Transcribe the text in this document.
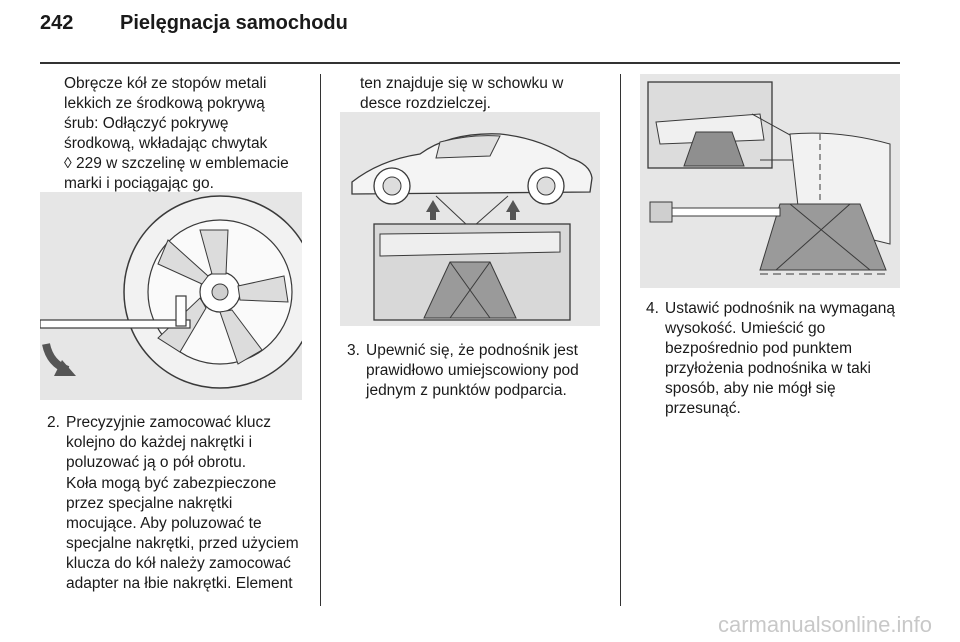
242 Pielęgnacja samochodu

Obręcze kół ze stopów metali

lekkich ze środkową pokrywą

śrub: Odłączyć pokrywę

środkową, wkładając chwytak

◊ 229 w szczelinę w emblemacie

marki i pociągając go.

2. Precyzyjnie zamocować klucz

kolejno do każdej nakrętki i

poluzować ją o pół obrotu.

Koła mogą być zabezpieczone

przez specjalne nakrętki

mocujące. Aby poluzować te

specjalne nakrętki, przed użyciem

klucza do kół należy zamocować

adapter na łbie nakrętki. Element

ten znajduje się w schowku w

desce rozdzielczej.

3. Upewnić się, że podnośnik jest

prawidłowo umiejscowiony pod

jednym z punktów podparcia.

4. Ustawić podnośnik na wymaganą

wysokość. Umieścić go

bezpośrednio pod punktem

przyłożenia podnośnika w taki

sposób, aby nie mógł się

przesunąć.

carmanualsonline.info
